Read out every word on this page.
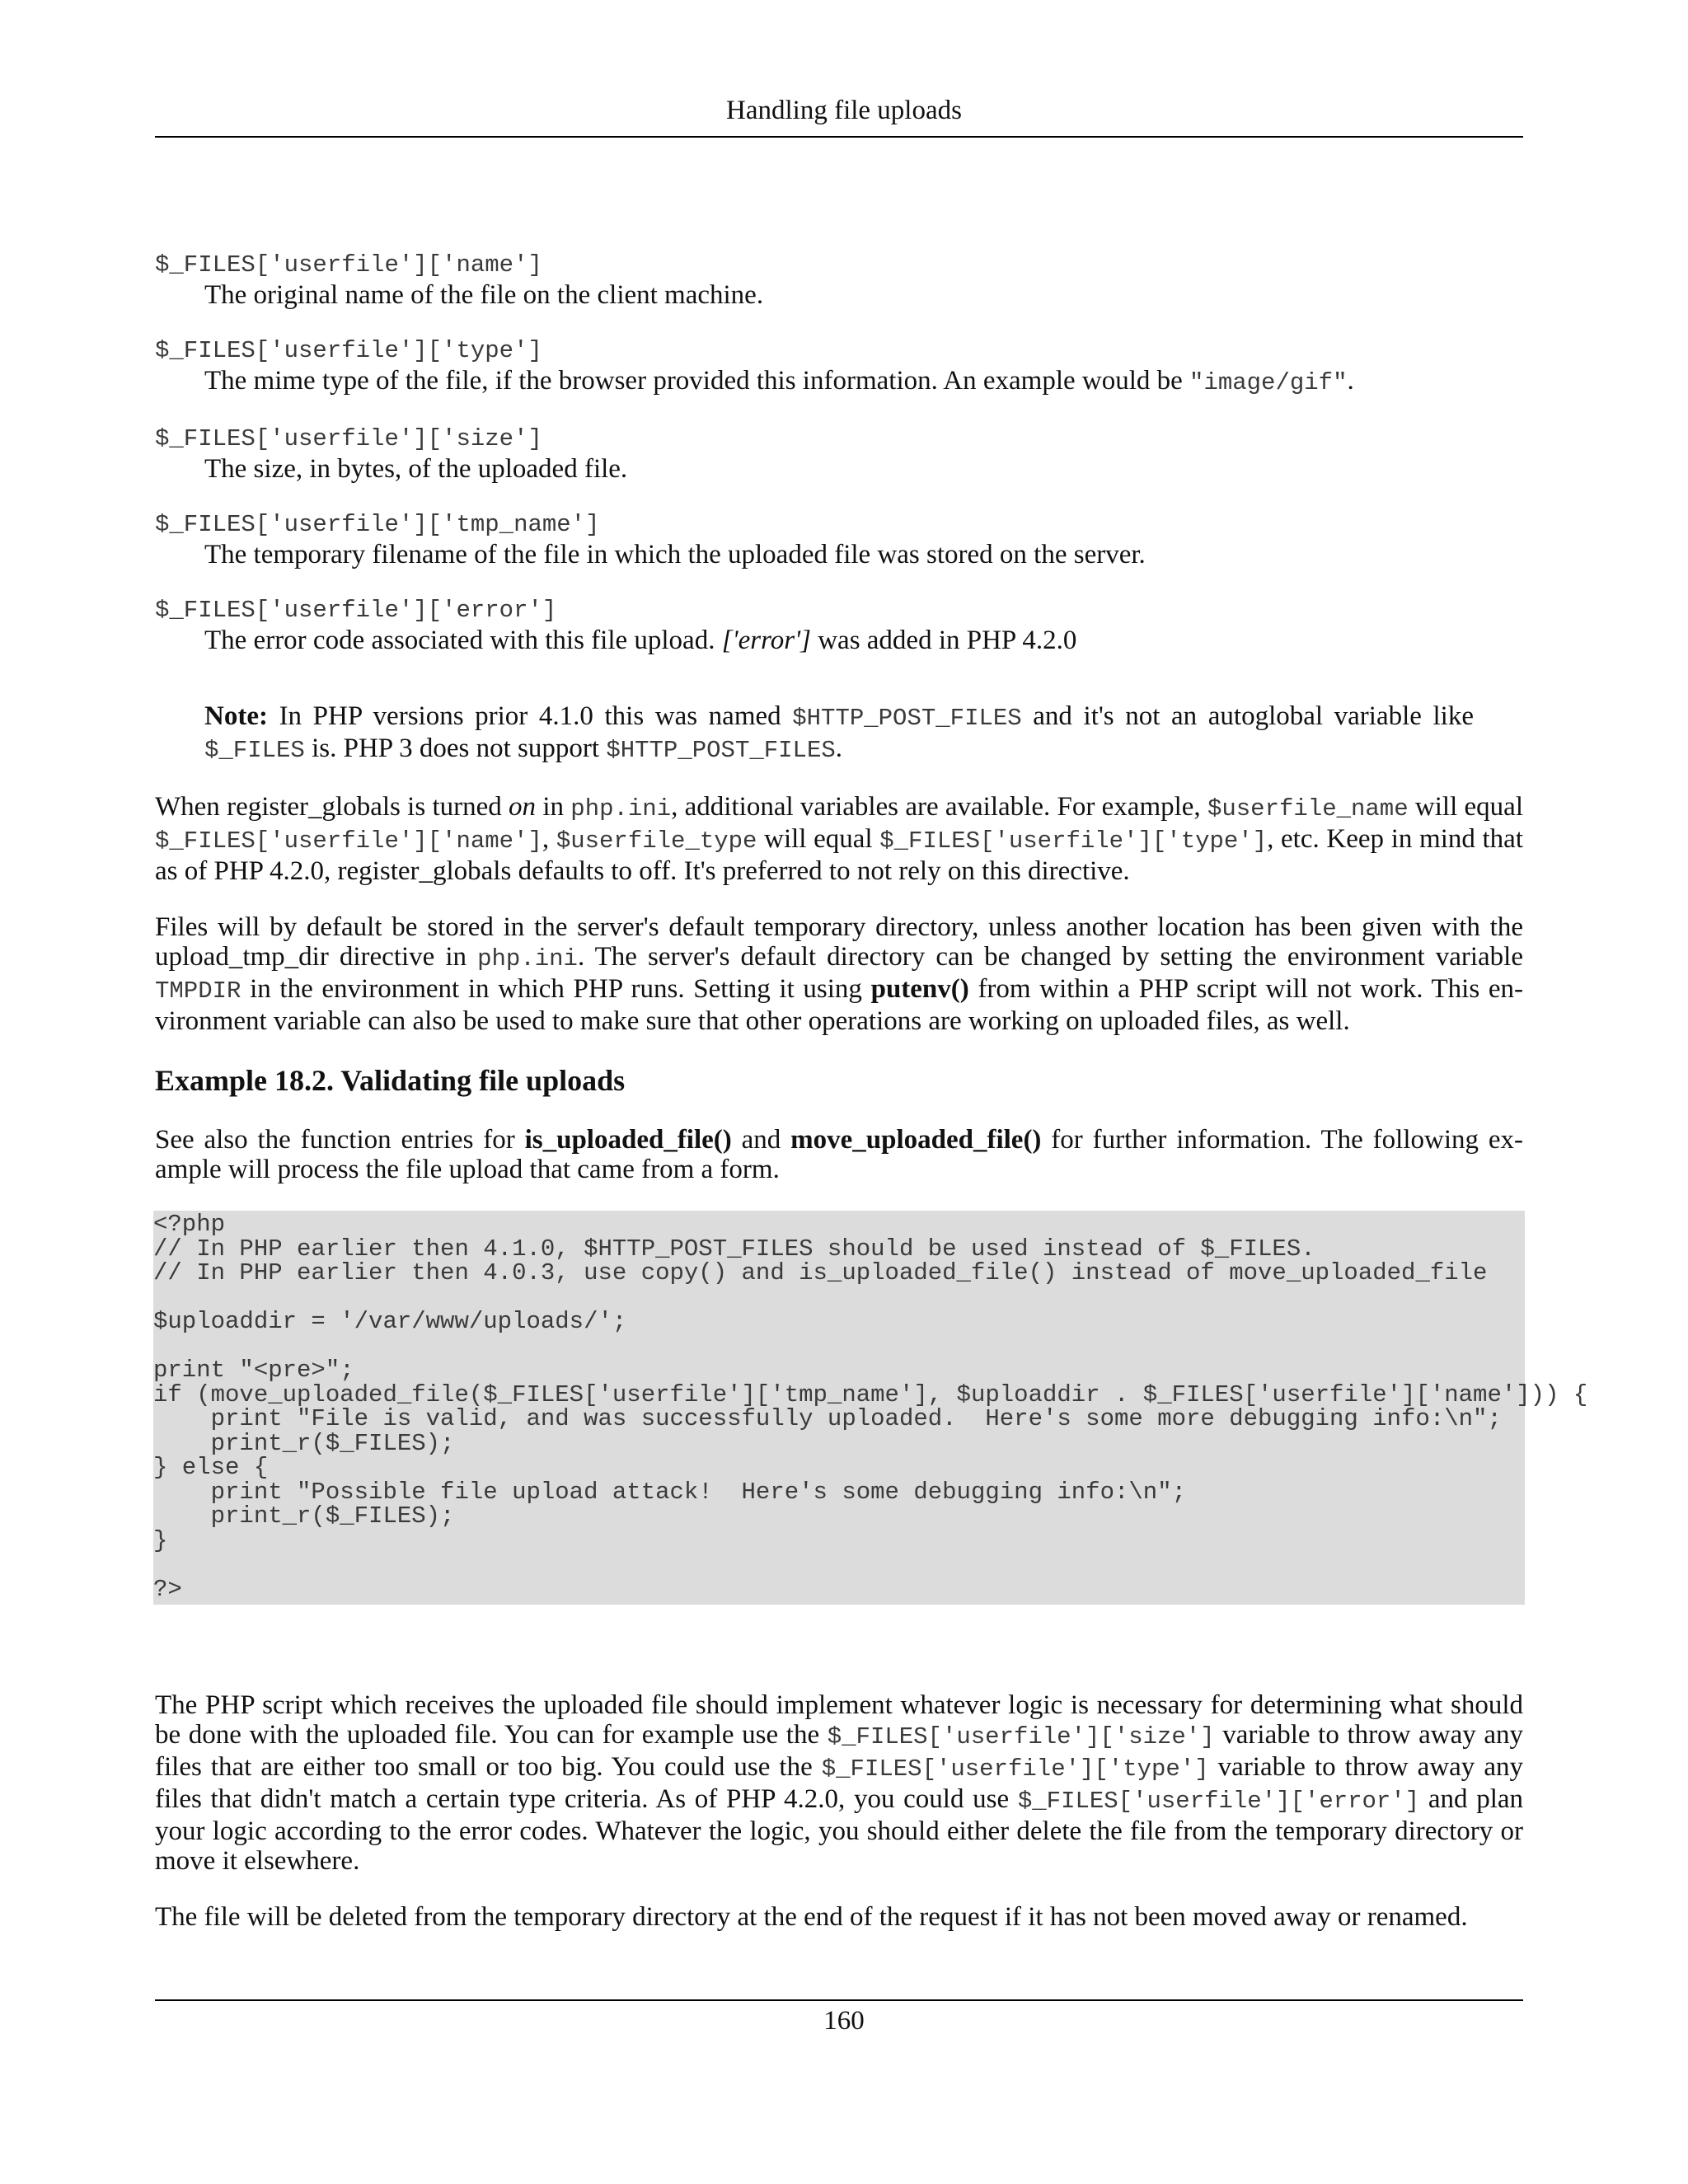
Handling file uploads

$_FILES['userfile']['name']

The original name of the file on the client machine.

$_FILES['userfile']['type']

The mime type of the file, if the browser provided this information. An example would be "image/gif".

$_FILES['userfile']['size']

The size, in bytes, of the uploaded file.

$_FILES['userfile']['tmp_name']

The temporary filename of the file in which the uploaded file was stored on the server.

$_FILES['userfile']['error']

The error code associated with this file upload. ['error'] was added in PHP 4.2.0

Note: In PHP versions prior 4.1.0 this was named $HTTP_POST_FILES and it's not an autoglobal variable like $_FILES is. PHP 3 does not support $HTTP_POST_FILES.

When register_globals is turned on in php.ini, additional variables are available. For example, $userfile_name will equal $_FILES['userfile']['name'], $userfile_type will equal $_FILES['userfile']['type'], etc. Keep in mind that as of PHP 4.2.0, register_globals defaults to off. It's preferred to not rely on this directive.

Files will by default be stored in the server's default temporary directory, unless another location has been given with the upload_tmp_dir directive in php.ini. The server's default directory can be changed by setting the environment variable TMPDIR in the environment in which PHP runs. Setting it using putenv() from within a PHP script will not work. This environment variable can also be used to make sure that other operations are working on uploaded files, as well.

Example 18.2. Validating file uploads

See also the function entries for is_uploaded_file() and move_uploaded_file() for further information. The following example will process the file upload that came from a form.

<?php
// In PHP earlier then 4.1.0, $HTTP_POST_FILES should be used instead of $_FILES.
// In PHP earlier then 4.0.3, use copy() and is_uploaded_file() instead of move_uploaded_file
$uploaddir = '/var/www/uploads/';
print "<pre>";
if (move_uploaded_file($_FILES['userfile']['tmp_name'], $uploaddir . $_FILES['userfile']['name'])) {
print "File is valid, and was successfully uploaded.  Here's some more debugging info:\n";
print_r($_FILES);
} else {
print "Possible file upload attack!  Here's some debugging info:\n";
print_r($_FILES);
}
?>

The PHP script which receives the uploaded file should implement whatever logic is necessary for determining what should be done with the uploaded file. You can for example use the $_FILES['userfile']['size'] variable to throw away any files that are either too small or too big. You could use the $_FILES['userfile']['type'] variable to throw away any files that didn't match a certain type criteria. As of PHP 4.2.0, you could use $_FILES['userfile']['error'] and plan your logic according to the error codes. Whatever the logic, you should either delete the file from the temporary directory or move it elsewhere.

The file will be deleted from the temporary directory at the end of the request if it has not been moved away or renamed.

160
